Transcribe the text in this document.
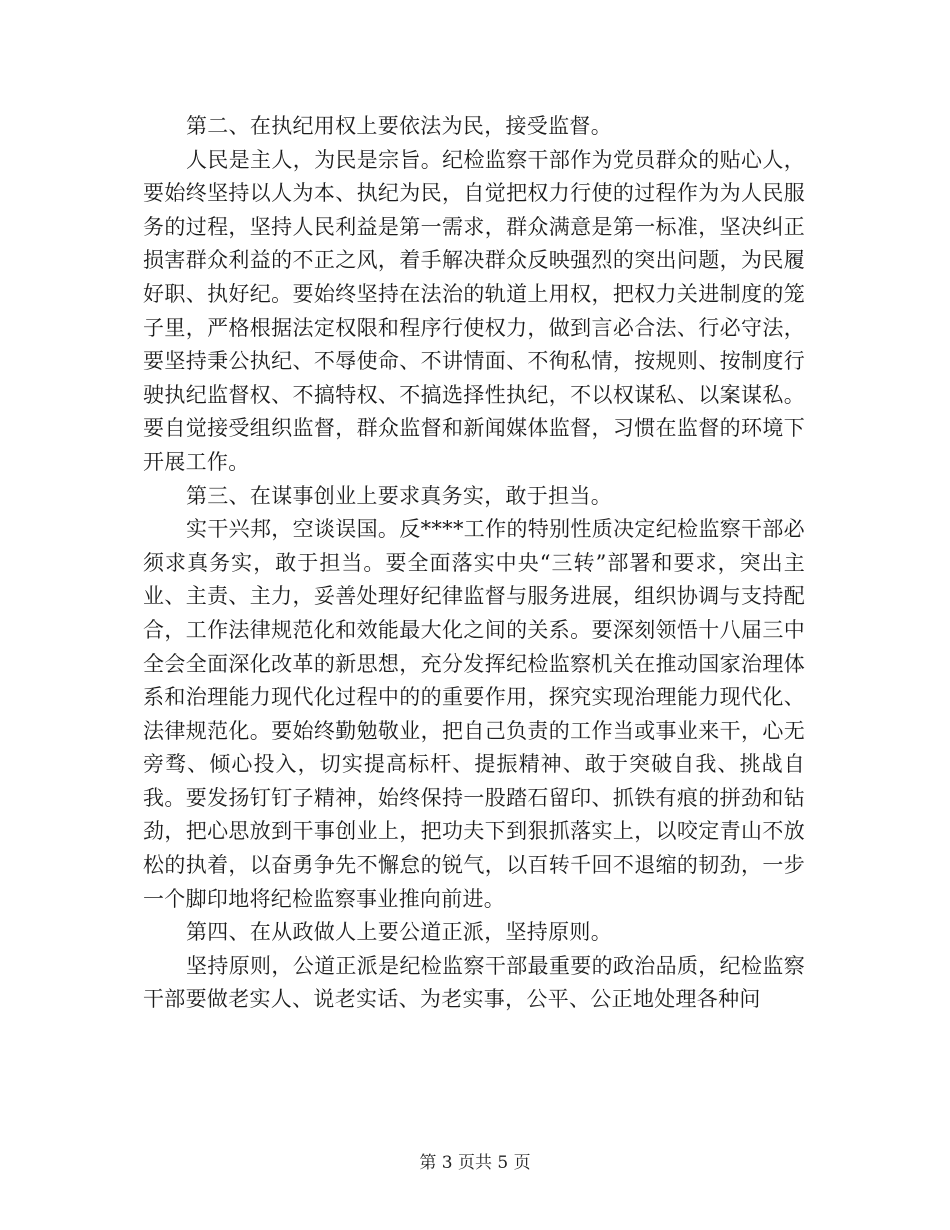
第二、在执纪用权上要依法为民，接受监督。

人民是主人，为民是宗旨。纪检监察干部作为党员群众的贴心人，要始终坚持以人为本、执纪为民，自觉把权力行使的过程作为为人民服务的过程，坚持人民利益是第一需求，群众满意是第一标准，坚决纠正损害群众利益的不正之风，着手解决群众反映强烈的突出问题，为民履好职、执好纪。要始终坚持在法治的轨道上用权，把权力关进制度的笼子里，严格根据法定权限和程序行使权力，做到言必合法、行必守法，要坚持秉公执纪、不辱使命、不讲情面、不徇私情，按规则、按制度行驶执纪监督权、不搞特权、不搞选择性执纪，不以权谋私、以案谋私。要自觉接受组织监督，群众监督和新闻媒体监督，习惯在监督的环境下开展工作。

第三、在谋事创业上要求真务实，敢于担当。

实干兴邦，空谈误国。反****工作的特别性质决定纪检监察干部必须求真务实，敢于担当。要全面落实中央“三转”部署和要求，突出主业、主责、主力，妥善处理好纪律监督与服务进展，组织协调与支持配合，工作法律规范化和效能最大化之间的关系。要深刻领悟十八届三中全会全面深化改革的新思想，充分发挥纪检监察机关在推动国家治理体系和治理能力现代化过程中的的重要作用，探究实现治理能力现代化、法律规范化。要始终勤勉敬业，把自己负责的工作当或事业来干，心无旁骛、倾心投入，切实提高标杆、提振精神、敢于突破自我、挑战自我。要发扬钉钉子精神，始终保持一股踏石留印、抓铁有痕的拼劲和钻劲，把心思放到干事创业上，把功夫下到狠抓落实上，以咬定青山不放松的执着，以奋勇争先不懈怠的锐气，以百转千回不退缩的韧劲，一步一个脚印地将纪检监察事业推向前进。

第四、在从政做人上要公道正派，坚持原则。

坚持原则，公道正派是纪检监察干部最重要的政治品质，纪检监察干部要做老实人、说老实话、为老实事，公平、公正地处理各种问

第 3 页共 5 页
